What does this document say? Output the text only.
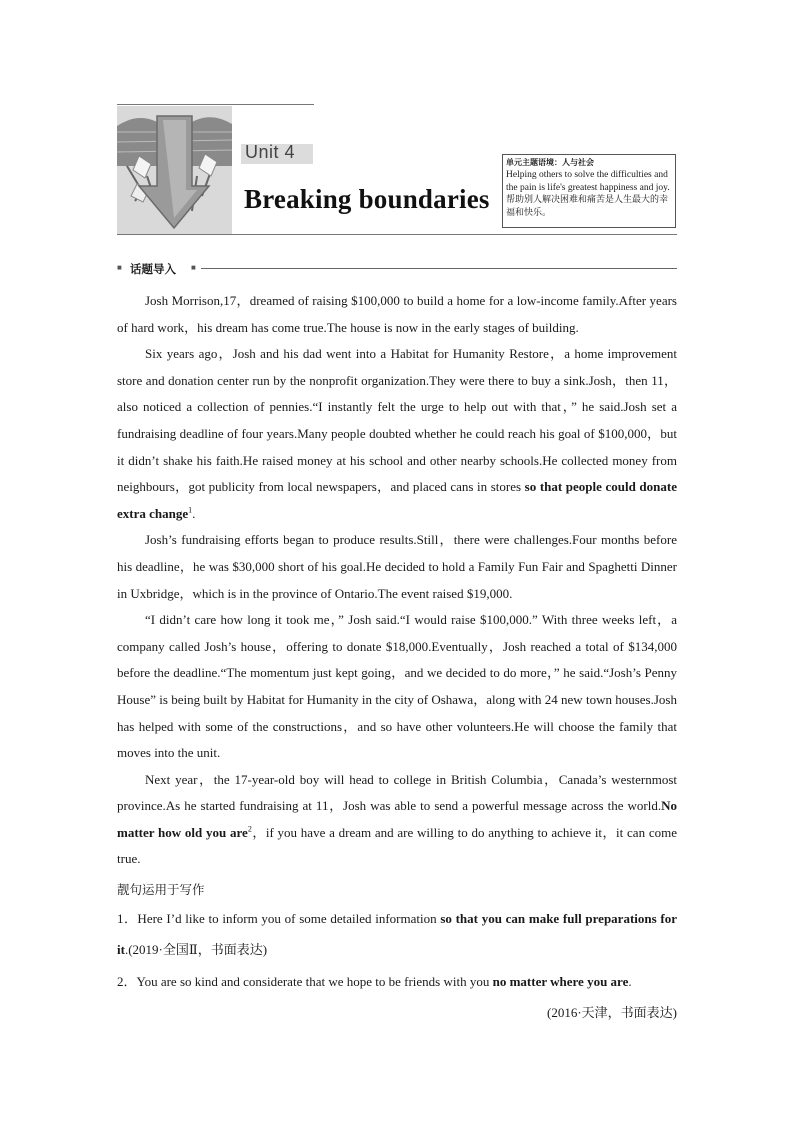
Unit 4
Breaking boundaries
单元主题语境：人与社会
Helping others to solve the difficulties and the pain is life's greatest happiness and joy.
帮助别人解决困难和痛苦是人生最大的幸福和快乐。
■ 话题导入 ■

Josh Morrison,17，dreamed of raising $100,000 to build a home for a low-income family.After years of hard work，his dream has come true.The house is now in the early stages of building.

Six years ago，Josh and his dad went into a Habitat for Humanity Restore，a home improvement store and donation center run by the nonprofit organization.They were there to buy a sink.Josh，then 11，also noticed a collection of pennies.“I instantly felt the urge to help out with that，” he said.Josh set a fundraising deadline of four years.Many people doubted whether he could reach his goal of $100,000，but it didn’t shake his faith.He raised money at his school and other nearby schools.He collected money from neighbours，got publicity from local newspapers，and placed cans in stores so that people could donate extra change$^1$.

Josh’s fundraising efforts began to produce results.Still，there were challenges.Four months before his deadline，he was $30,000 short of his goal.He decided to hold a Family Fun Fair and Spaghetti Dinner in Uxbridge，which is in the province of Ontario.The event raised $19,000.

“I didn’t care how long it took me，” Josh said.“I would raise $100,000.” With three weeks left，a company called Josh’s house，offering to donate $18,000.Eventually，Josh reached a total of $134,000 before the deadline.“The momentum just kept going，and we decided to do more，” he said.“Josh’s Penny House” is being built by Habitat for Humanity in the city of Oshawa，along with 24 new town houses.Josh has helped with some of the constructions，and so have other volunteers.He will choose the family that moves into the unit.

Next year，the 17-year-old boy will head to college in British Columbia，Canada’s westernmost province.As he started fundraising at 11，Josh was able to send a powerful message across the world.No matter how old you are$^2$，if you have a dream and are willing to do anything to achieve it，it can come true.

靓句运用于写作
1．Here I’d like to inform you of some detailed information so that you can make full preparations for it.(2019·全国Ⅱ，书面表达)
2．You are so kind and considerate that we hope to be friends with you no matter where you are.
(2016·天津，书面表达)
